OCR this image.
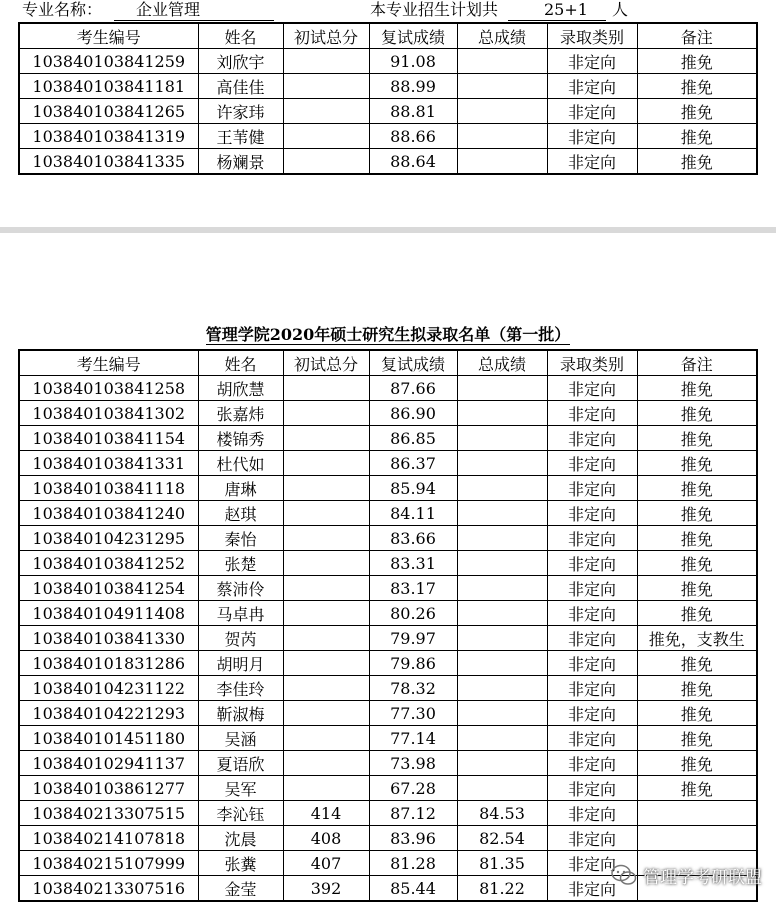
专业名称：	企业管理	本专业招生计划共	25+1	人
考生编号	姓名	初试总分	复试成绩	总成绩	录取类别	备注
103840103841259	刘欣宇		91.08		非定向	推免
103840103841181	高佳佳		88.99		非定向	推免
103840103841265	许家玮		88.81		非定向	推免
103840103841319	王苇健		88.66		非定向	推免
103840103841335	杨斓景		88.64		非定向	推免
管理学院2020年硕士研究生拟录取名单（第一批）
考生编号	姓名	初试总分	复试成绩	总成绩	录取类别	备注
103840103841258	胡欣慧		87.66		非定向	推免
103840103841302	张嘉炜		86.90		非定向	推免
103840103841154	楼锦秀		86.85		非定向	推免
103840103841331	杜代如		86.37		非定向	推免
103840103841118	唐琳		85.94		非定向	推免
103840103841240	赵琪		84.11		非定向	推免
103840104231295	秦怡		83.66		非定向	推免
103840103841252	张楚		83.31		非定向	推免
103840103841254	蔡沛伶		83.17		非定向	推免
103840104911408	马卓冉		80.26		非定向	推免
103840103841330	贺芮		79.97		非定向	推免，支教生
103840101831286	胡明月		79.86		非定向	推免
103840104231122	李佳玲		78.32		非定向	推免
103840104221293	靳淑梅		77.30		非定向	推免
103840101451180	吴涵		77.14		非定向	推免
103840102941137	夏语欣		73.98		非定向	推免
103840103861277	吴军		67.28		非定向	推免
103840213307515	李沁钰	414	87.12	84.53	非定向	
103840214107818	沈晨	408	83.96	82.54	非定向	
103840215107999	张糞	407	81.28	81.35	非定向	
103840213307516	金莹	392	85.44	81.22	非定向	
管理学考研联盟
